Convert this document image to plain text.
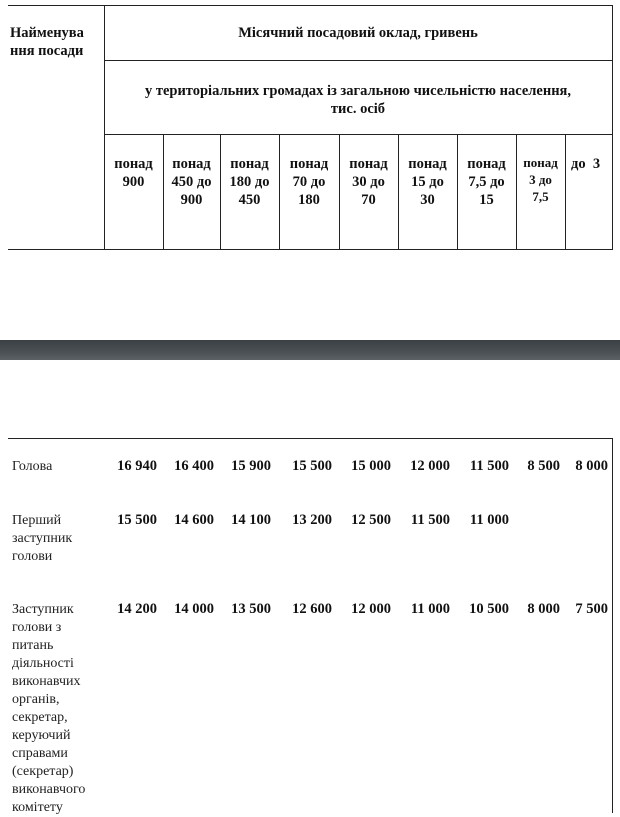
Найменува
ння посади
Місячний посадовий оклад, гривень
у територіальних громадах із загальною чисельністю населення,
тис. осіб
понад
900
понад
450 до
900
понад
180 до
450
понад
70 до
180
понад
30 до
70
понад
15 до
30
понад
7,5 до
15
понад
3 до
7,5
до  3
Голова	16 940 16 400 15 900 15 500 15 000 12 000 11 500 8 500 8 000
Перший
заступник
голови
15 500 14 600 14 100 13 200 12 500 11 500 11 000
Заступник
голови з
питань
діяльності
виконавчих
органів,
секретар,
керуючий
справами
(секретар)
виконавчого
комітету
14 200 14 000 13 500 12 600 12 000 11 000 10 500 8 000 7 500
